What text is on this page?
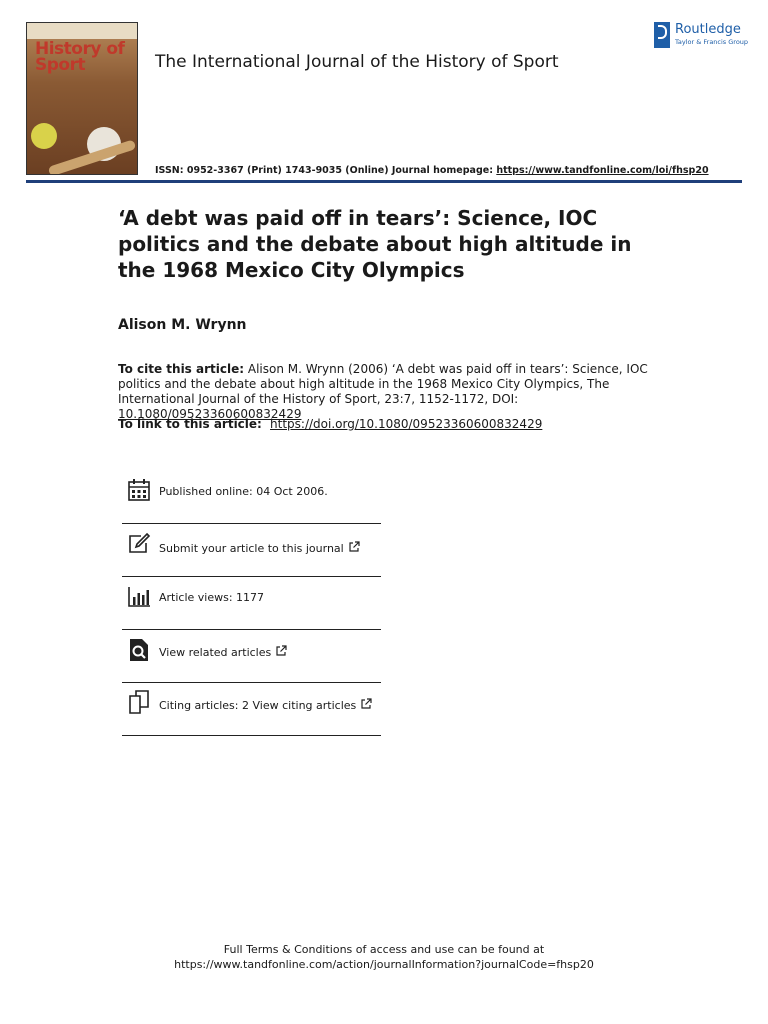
History of Sport	The International Journal of the History of Sport
Routledge
Taylor & Francis Group
ISSN: 0952-3367 (Print) 1743-9035 (Online) Journal homepage: https://www.tandfonline.com/loi/fhsp20
‘A debt was paid off in tears’: Science, IOC politics and the debate about high altitude in the 1968 Mexico City Olympics
Alison M. Wrynn
To cite this article: Alison M. Wrynn (2006) ‘A debt was paid off in tears’: Science, IOC politics and the debate about high altitude in the 1968 Mexico City Olympics, The International Journal of the History of Sport, 23:7, 1152-1172, DOI: 10.1080/09523360600832429
To link to this article: https://doi.org/10.1080/09523360600832429
Published online: 04 Oct 2006.
Submit your article to this journal
Article views: 1177
View related articles
Citing articles: 2 View citing articles
Full Terms & Conditions of access and use can be found at
https://www.tandfonline.com/action/journalInformation?journalCode=fhsp20
